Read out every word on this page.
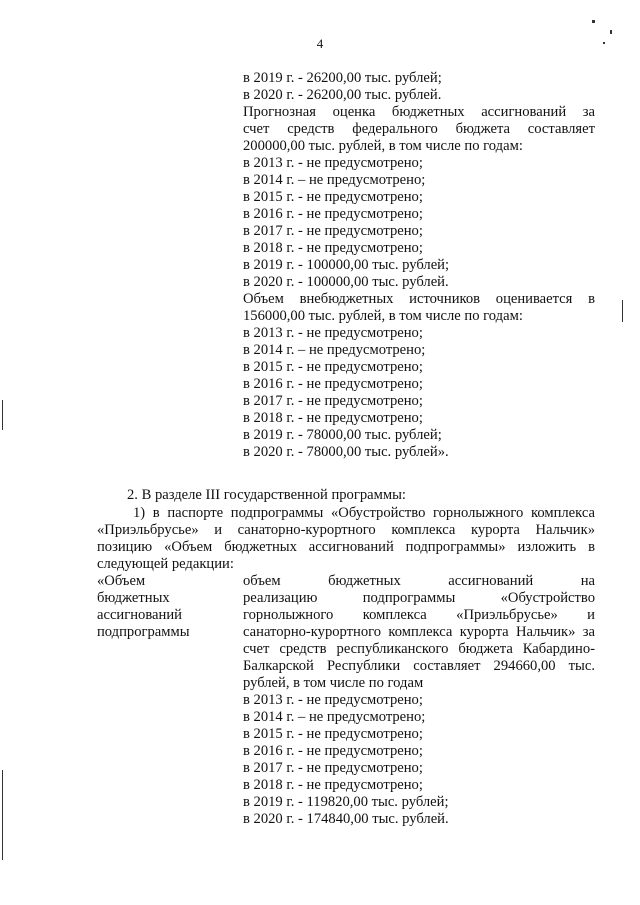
4
в 2019 г. - 26200,00 тыс. рублей;
в 2020 г. - 26200,00 тыс. рублей.
Прогнозная оценка бюджетных ассигнований за
счет средств федерального бюджета составляет
200000,00 тыс. рублей, в том числе по годам:
в 2013 г. - не предусмотрено;
в 2014 г. – не предусмотрено;
в 2015 г. - не предусмотрено;
в 2016 г. - не предусмотрено;
в 2017 г. - не предусмотрено;
в 2018 г. - не предусмотрено;
в 2019 г. - 100000,00 тыс. рублей;
в 2020 г. - 100000,00 тыс. рублей.
Объем внебюджетных источников оценивается в
156000,00 тыс. рублей, в том числе по годам:
в 2013 г. - не предусмотрено;
в 2014 г. – не предусмотрено;
в 2015 г. - не предусмотрено;
в 2016 г. - не предусмотрено;
в 2017 г. - не предусмотрено;
в 2018 г. - не предусмотрено;
в 2019 г. - 78000,00 тыс. рублей;
в 2020 г. - 78000,00 тыс. рублей».
2. В разделе III государственной программы:
1) в паспорте подпрограммы «Обустройство горнолыжного комплекса
«Приэльбрусье» и санаторно-курортного комплекса курорта Нальчик»
позицию «Объем бюджетных ассигнований подпрограммы» изложить в
следующей редакции:
«Объем
бюджетных
ассигнований
подпрограммы
объем бюджетных ассигнований на
реализацию подпрограммы «Обустройство
горнолыжного комплекса «Приэльбрусье» и
санаторно-курортного комплекса курорта Нальчик» за
счет средств республиканского бюджета Кабардино-
Балкарской Республики составляет 294660,00 тыс.
рублей, в том числе по годам
в 2013 г. - не предусмотрено;
в 2014 г. – не предусмотрено;
в 2015 г. - не предусмотрено;
в 2016 г. - не предусмотрено;
в 2017 г. - не предусмотрено;
в 2018 г. - не предусмотрено;
в 2019 г. - 119820,00 тыс. рублей;
в 2020 г. - 174840,00 тыс. рублей.
